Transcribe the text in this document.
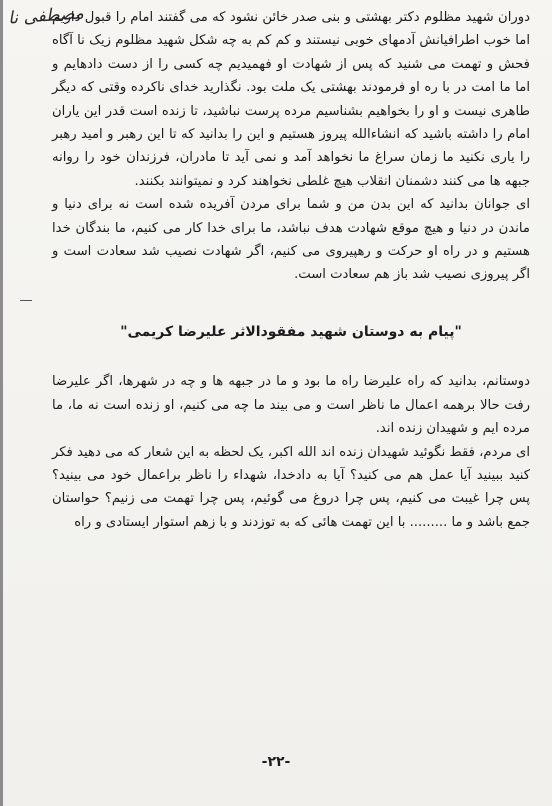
مصطفی نا

دوران شهید مظلوم دکتر بهشتی و بنی صدر خائن نشود که می گفتند امام را قبول داریم اما خوب اطرافیانش آدمهای خوبی نیستند و کم کم به چه شکل شهید مظلوم زیک نا آگاه فحش و تهمت می شنید که پس از شهادت او فهمیدیم چه کسی را از دست دادهایم و اما ما امت در با ره او فرمودند بهشتی یک ملت بود. نگذارید خدای ناکرده وقتی که دیگر طاهری نیست و او را بخواهیم بشناسیم مرده پرست نباشید، تا زنده است قدر این یاران امام را داشته باشید که انشاءالله پیروز هستیم و این را بدانید که تا این رهبر و امید رهبر را یاری نکنید ما زمان سراغ ما نخواهد آمد و نمی آید تا مادران، فرزندان خود را روانه جبهه ها می کنند دشمنان انقلاب هیچ غلطی نخواهند کرد و نمیتوانند بکنند.

ای جوانان بدانید که این بدن من و شما برای مردن آفریده شده است نه برای دنیا و ماندن در دنیا و هیچ موقع شهادت هدف نباشد، ما برای خدا کار می کنیم، ما بندگان خدا هستیم و در راه او حرکت و رهپیروی می کنیم، اگر شهادت نصیب شد سعادت است و اگر پیروزی نصیب شد باز هم سعادت است.

"پیام به دوستان شهید مفقودالاثر علیرضا کریمی"

دوستانم، بدانید که راه علیرضا راه ما بود و ما در جبهه ها و چه در شهرها، اگر علیرضا رفت حالا برهمه اعمال ما ناظر است و می بیند ما چه می کنیم، او زنده است نه ما، ما مرده ایم و شهیدان زنده اند.

ای مردم، فقط نگوئید شهیدان زنده اند الله اکبر، یک لحظه به این شعار که می دهید فکر کنید ببینید آیا عمل هم می کنید؟ آیا به دادخدا، شهداء را ناظر براعمال خود می بینید؟ پس چرا غیبت می کنیم، پس چرا دروغ می گوئیم، پس چرا تهمت می زنیم؟ حواستان جمع باشد و ما ......... با این تهمت هائی که به توزدند و با زهم استوار ایستادی و راه

-۲۲-
